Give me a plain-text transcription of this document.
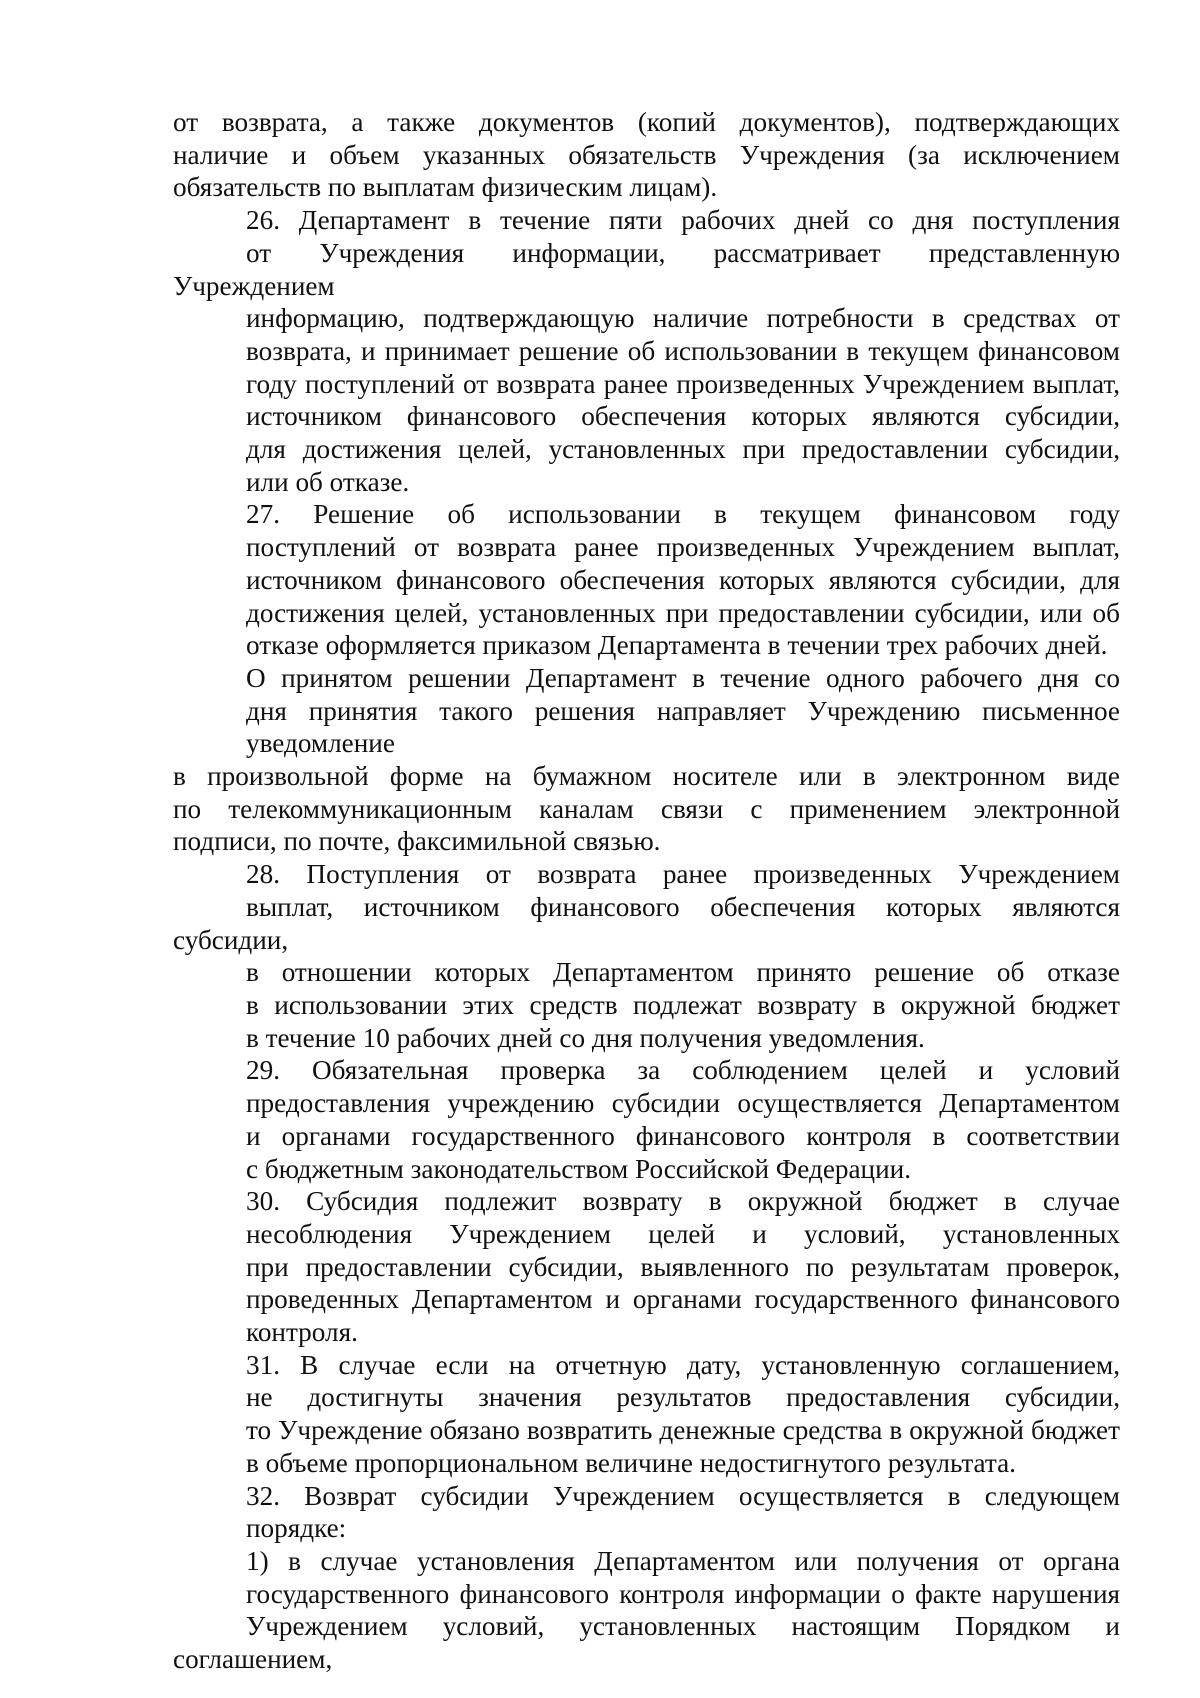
от возврата, а также документов (копий документов), подтверждающих
наличие и объем указанных обязательств Учреждения (за исключением
обязательств по выплатам физическим лицам).

26. Департамент в течение пяти рабочих дней со дня поступления
от Учреждения информации, рассматривает представленную Учреждением
информацию, подтверждающую наличие потребности в средствах от
возврата, и принимает решение об использовании в текущем финансовом
году поступлений от возврата ранее произведенных Учреждением выплат,
источником финансового обеспечения которых являются субсидии,
для достижения целей, установленных при предоставлении субсидии,
или об отказе.

27. Решение об использовании в текущем финансовом году
поступлений от возврата ранее произведенных Учреждением выплат,
источником финансового обеспечения которых являются субсидии, для
достижения целей, установленных при предоставлении субсидии, или об
отказе оформляется приказом Департамента в течении трех рабочих дней.

О принятом решении Департамент в течение одного рабочего дня со
дня принятия такого решения направляет Учреждению письменное
уведомление

в произвольной форме на бумажном носителе или в электронном виде
по телекоммуникационным каналам связи с применением электронной
подписи, по почте, факсимильной связью.

28. Поступления от возврата ранее произведенных Учреждением
выплат, источником финансового обеспечения которых являются субсидии,
в отношении которых Департаментом принято решение об отказе
в использовании этих средств подлежат возврату в окружной бюджет
в течение 10 рабочих дней со дня получения уведомления.

29. Обязательная проверка за соблюдением целей и условий
предоставления учреждению субсидии осуществляется Департаментом
и органами государственного финансового контроля в соответствии
с бюджетным законодательством Российской Федерации.

30. Субсидия подлежит возврату в окружной бюджет в случае
несоблюдения Учреждением целей и условий, установленных
при предоставлении субсидии, выявленного по результатам проверок,
проведенных Департаментом и органами государственного финансового
контроля.

31. В случае если на отчетную дату, установленную соглашением,
не достигнуты значения результатов предоставления субсидии,
то Учреждение обязано возвратить денежные средства в окружной бюджет
в объеме пропорциональном величине недостигнутого результата.

32. Возврат субсидии Учреждением осуществляется в следующем
порядке:

1) в случае установления Департаментом или получения от органа
государственного финансового контроля информации о факте нарушения
Учреждением условий, установленных настоящим Порядком и соглашением,
